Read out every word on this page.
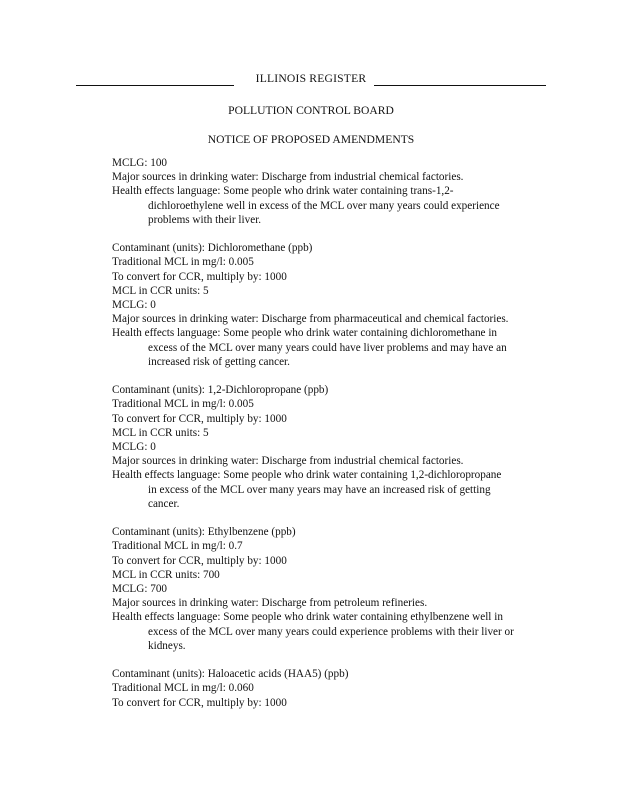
ILLINOIS REGISTER
POLLUTION CONTROL BOARD
NOTICE OF PROPOSED AMENDMENTS
MCLG: 100
Major sources in drinking water: Discharge from industrial chemical factories.
Health effects language: Some people who drink water containing trans-1,2-
dichloroethylene well in excess of the MCL over many years could experience
problems with their liver.
Contaminant (units): Dichloromethane (ppb)
Traditional MCL in mg/l: 0.005
To convert for CCR, multiply by: 1000
MCL in CCR units: 5
MCLG: 0
Major sources in drinking water: Discharge from pharmaceutical and chemical factories.
Health effects language: Some people who drink water containing dichloromethane in
excess of the MCL over many years could have liver problems and may have an
increased risk of getting cancer.
Contaminant (units): 1,2-Dichloropropane (ppb)
Traditional MCL in mg/l: 0.005
To convert for CCR, multiply by: 1000
MCL in CCR units: 5
MCLG: 0
Major sources in drinking water: Discharge from industrial chemical factories.
Health effects language: Some people who drink water containing 1,2-dichloropropane
in excess of the MCL over many years may have an increased risk of getting
cancer.
Contaminant (units): Ethylbenzene (ppb)
Traditional MCL in mg/l: 0.7
To convert for CCR, multiply by: 1000
MCL in CCR units: 700
MCLG: 700
Major sources in drinking water: Discharge from petroleum refineries.
Health effects language: Some people who drink water containing ethylbenzene well in
excess of the MCL over many years could experience problems with their liver or
kidneys.
Contaminant (units): Haloacetic acids (HAA5) (ppb)
Traditional MCL in mg/l: 0.060
To convert for CCR, multiply by: 1000
